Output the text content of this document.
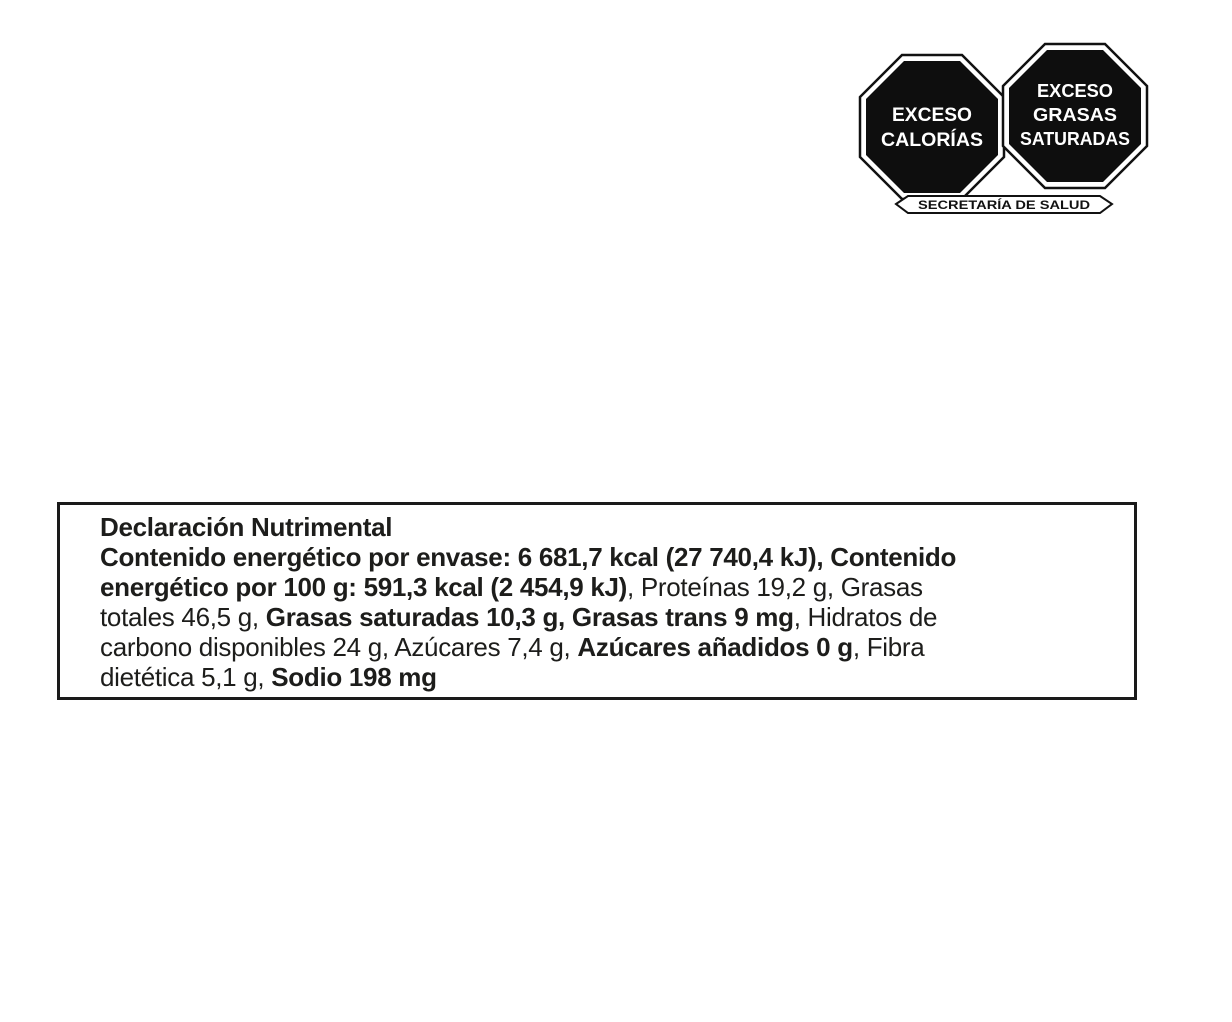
EXCESO
CALORÍAS
EXCESO
GRASAS
SATURADAS
SECRETARÍA DE SALUD
Declaración Nutrimental
Contenido energético por envase: 6 681,7 kcal (27 740,4 kJ), Contenido
energético por 100 g: 591,3 kcal (2 454,9 kJ), Proteínas 19,2 g, Grasas
totales 46,5 g, Grasas saturadas 10,3 g, Grasas trans 9 mg, Hidratos de
carbono disponibles 24 g, Azúcares 7,4 g, Azúcares añadidos 0 g, Fibra
dietética 5,1 g, Sodio 198 mg
